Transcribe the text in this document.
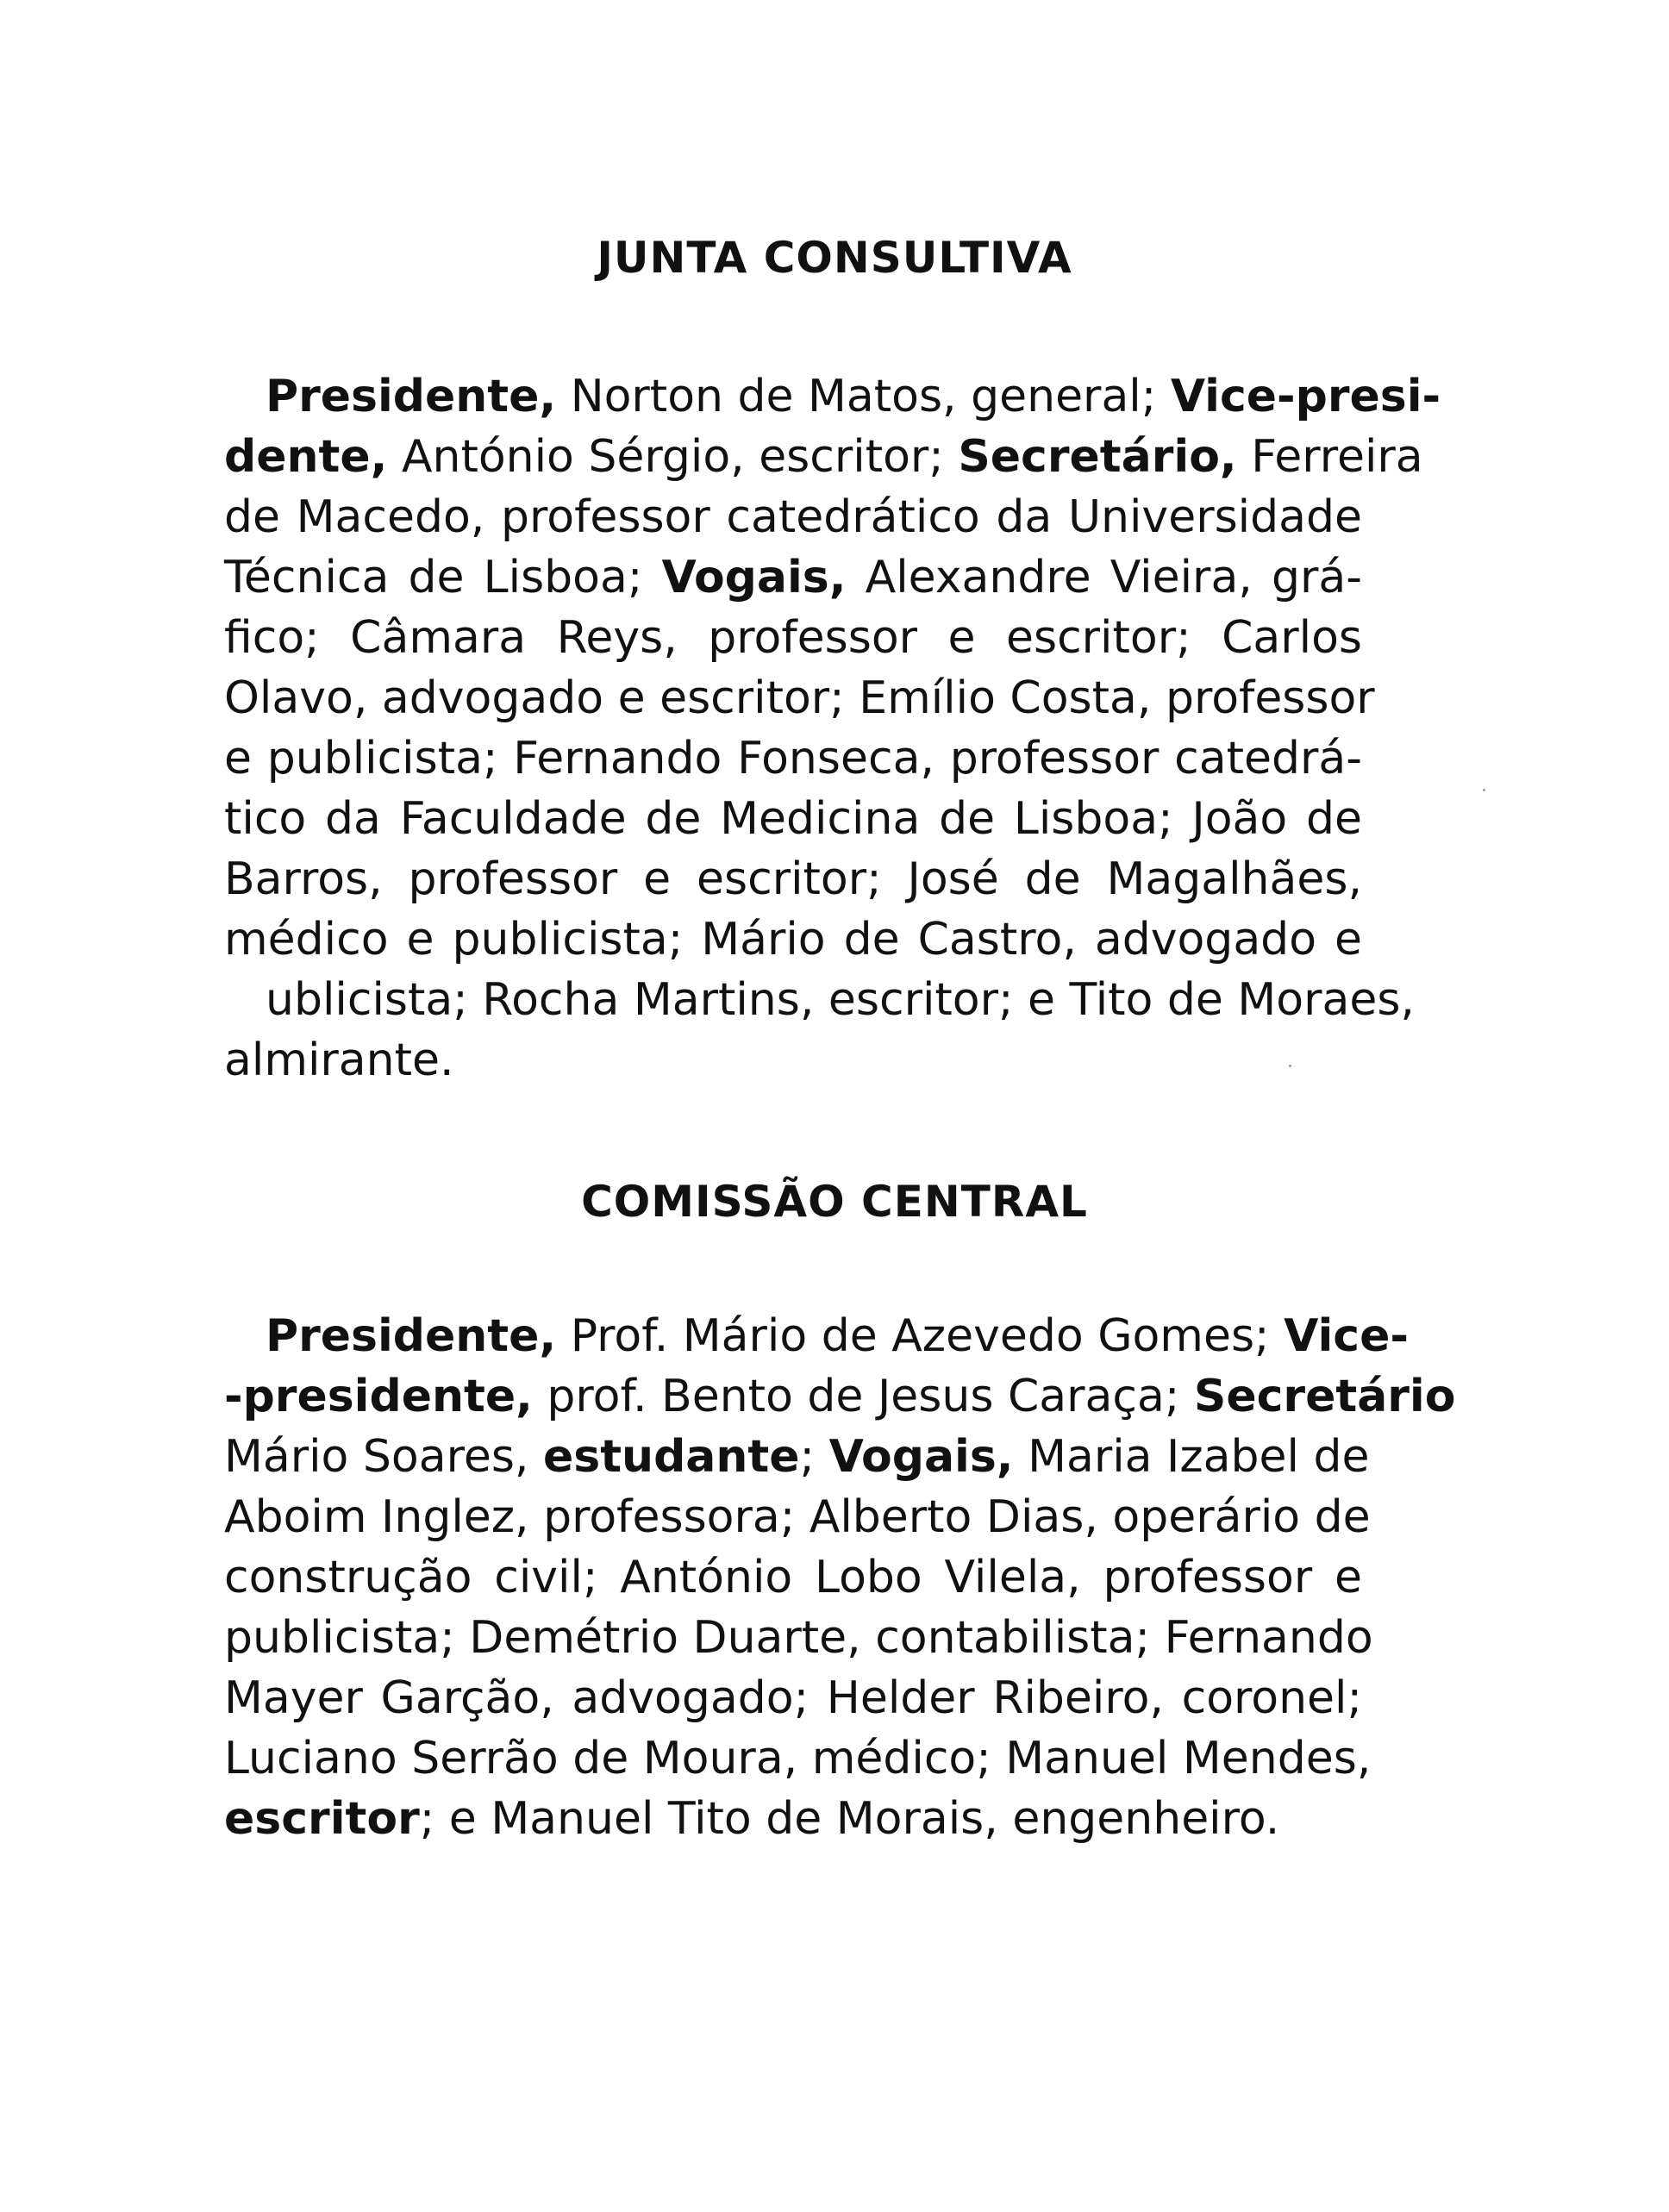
JUNTA CONSULTIVA
Presidente, Norton de Matos, general; Vice-presi-
dente, António Sérgio, escritor; Secretário, Ferreira
de Macedo, professor catedrático da Universidade
Técnica de Lisboa; Vogais, Alexandre Vieira, grá-
fico; Câmara Reys, professor e escritor; Carlos
Olavo, advogado e escritor; Emílio Costa, professor
e publicista; Fernando Fonseca, professor catedrá-
tico da Faculdade de Medicina de Lisboa; João de
Barros, professor e escritor; José de Magalhães,
médico e publicista; Mário de Castro, advogado e
ublicista; Rocha Martins, escritor; e Tito de Moraes,
almirante.
COMISSÃO CENTRAL
Presidente, Prof. Mário de Azevedo Gomes; Vice-
-presidente, prof. Bento de Jesus Caraça; Secretário
Mário Soares, estudante; Vogais, Maria Izabel de
Aboim Inglez, professora; Alberto Dias, operário de
construção civil; António Lobo Vilela, professor e
publicista; Demétrio Duarte, contabilista; Fernando
Mayer Garção, advogado; Helder Ribeiro, coronel;
Luciano Serrão de Moura, médico; Manuel Mendes,
escritor; e Manuel Tito de Morais, engenheiro.
